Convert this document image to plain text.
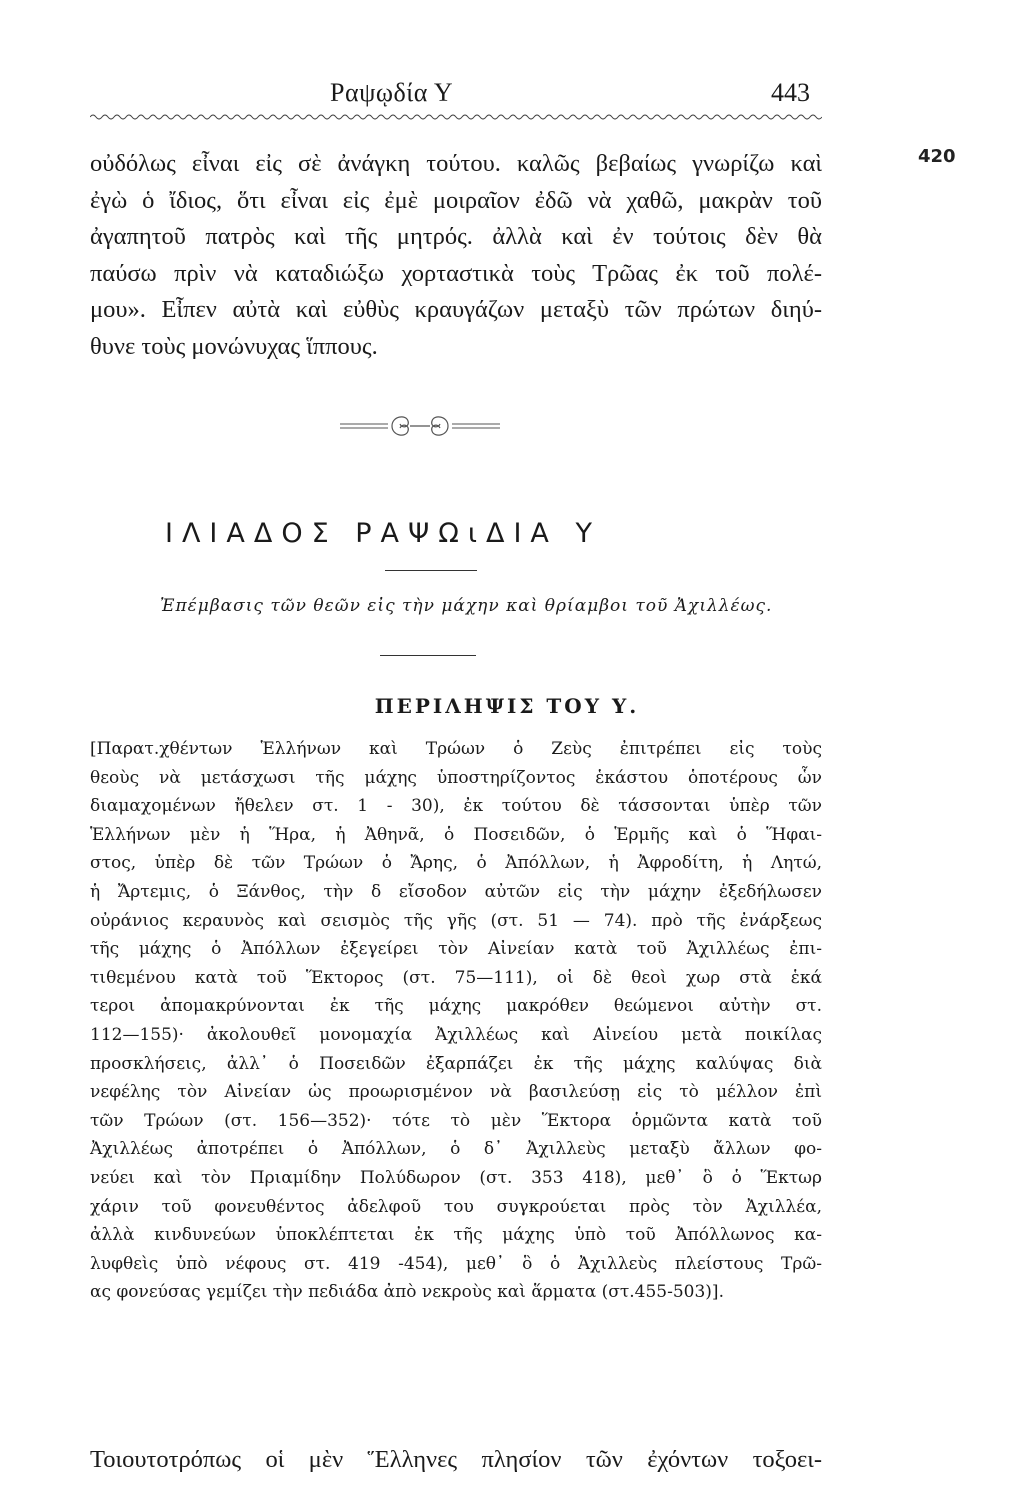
Ραψῳδία Υ	443
420
οὐδόλως εἶναι εἰς σὲ ἀνάγκη τούτου. καλῶς βεβαίως γνωρίζω καὶ
ἐγὼ ὁ ἴδιος, ὅτι εἶναι εἰς ἐμὲ μοιραῖον ἐδῶ νὰ χαθῶ, μακρὰν τοῦ
ἀγαπητοῦ πατρὸς καὶ τῆς μητρός. ἀλλὰ καὶ ἐν τούτοις δὲν θὰ
παύσω πρὶν νὰ καταδιώξω χορταστικὰ τοὺς Τρῶας ἐκ τοῦ πολέ-
μου». Εἶπεν αὐτὰ καὶ εὐθὺς κραυγάζων μεταξὺ τῶν πρώτων διηύ-
θυνε τοὺς μονώνυχας ἵππους.
ΙΛΙΑΔΟΣ ΡΑΨΩιΔΙΑ Υ
Ἐπέμβασις τῶν θεῶν εἰς τὴν μάχην καὶ θρίαμβοι τοῦ Ἀχιλλέως.
ΠΕΡΙΛΗΨΙΣ ΤΟΥ Υ.
[Παρατ.χθέντων Ἑλλήνων καὶ Τρώων ὁ Ζεὺς ἐπιτρέπει εἰς τοὺς
θεοὺς νὰ μετάσχωσι τῆς μάχης ὑποστηρίζοντος ἑκάστου ὁποτέρους ὧν
διαμαχομένων ἤθελεν στ. 1 - 30), ἐκ τούτου δὲ τάσσονται ὑπὲρ τῶν
Ἑλλήνων μὲν ἡ Ἥρα, ἡ Ἀθηνᾶ, ὁ Ποσειδῶν, ὁ Ἑρμῆς καὶ ὁ Ἥφαι-
στος, ὑπὲρ δὲ τῶν Τρώων ὁ Ἄρης, ὁ Ἀπόλλων, ἡ Ἀφροδίτη, ἡ Λητώ,
ἡ Ἄρτεμις, ὁ Ξάνθος, τὴν δ εἴσοδον αὐτῶν εἰς τὴν μάχην ἐξεδήλωσεν
οὐράνιος κεραυνὸς καὶ σεισμὸς τῆς γῆς (στ. 51 — 74). πρὸ τῆς ἐνάρξεως
τῆς μάχης ὁ Ἀπόλλων ἐξεγείρει τὸν Αἰνείαν κατὰ τοῦ Ἀχιλλέως ἐπι-
τιθεμένου κατὰ τοῦ Ἕκτορος (στ. 75—111), οἱ δὲ θεοὶ χωρ στὰ ἑκά
τεροι ἀπομακρύνονται ἐκ τῆς μάχης μακρόθεν θεώμενοι αὐτὴν στ.
112—155)· ἀκολουθεῖ μονομαχία Ἀχιλλέως καὶ Αἰνείου μετὰ ποικίλας
προσκλήσεις, ἀλλ᾽ ὁ Ποσειδῶν ἐξαρπάζει ἐκ τῆς μάχης καλύψας διὰ
νεφέλης τὸν Αἰνείαν ὡς προωρισμένον νὰ βασιλεύσῃ εἰς τὸ μέλλον ἐπὶ
τῶν Τρώων (στ. 156—352)· τότε τὸ μὲν Ἕκτορα ὁρμῶντα κατὰ τοῦ
Ἀχιλλέως ἀποτρέπει ὁ Ἀπόλλων, ὁ δ᾽ Ἀχιλλεὺς μεταξὺ ἄλλων φο-
νεύει καὶ τὸν Πριαμίδην Πολύδωρον (στ. 353 418), μεθ᾽ ὃ ὁ Ἕκτωρ
χάριν τοῦ φονευθέντος ἀδελφοῦ του συγκρούεται πρὸς τὸν Ἀχιλλέα,
ἀλλὰ κινδυνεύων ὑποκλέπτεται ἐκ τῆς μάχης ὑπὸ τοῦ Ἀπόλλωνος κα-
λυφθεὶς ὑπὸ νέφους στ. 419 -454), μεθ᾽ ὃ ὁ Ἀχιλλεὺς πλείστους Τρῶ-
ας φονεύσας γεμίζει τὴν πεδιάδα ἀπὸ νεκροὺς καὶ ἅρματα (στ.455-503)].
Τοιουτοτρόπως οἱ μὲν Ἕλληνες πλησίον τῶν ἐχόντων τοξοει-
